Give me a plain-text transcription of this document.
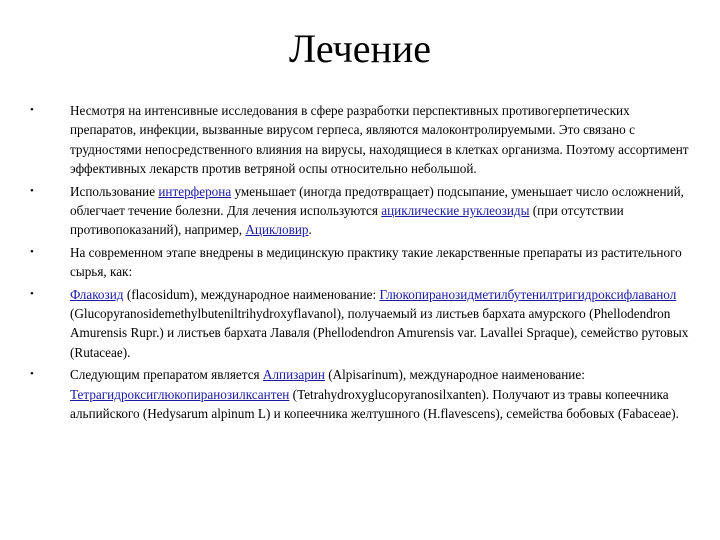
Лечение
•	Несмотря на интенсивные исследования в сфере разработки перспективных противогерпетических препаратов, инфекции, вызванные вирусом герпеса, являются малоконтролируемыми. Это связано с трудностями непосредственного влияния на вирусы, находящиеся в клетках организма. Поэтому ассортимент эффективных лекарств против ветряной оспы относительно небольшой.
•	Использование интерферона уменьшает (иногда предотвращает) подсыпание, уменьшает число осложнений, облегчает течение болезни. Для лечения используются ациклические нуклеозиды (при отсутствии противопоказаний), например, Ацикловир.
•	На современном этапе внедрены в медицинскую практику такие лекарственные препараты из растительного сырья, как:
•	Флакозид (flacosidum), международное наименование: Глюкопиранозидметилбутенилтригидроксифлаванол (Glucopyranosidemethylbuteniltrihydroxyflavanol), получаемый из листьев бархата амурского (Phellodendron Amurensis Rupr.) и листьев бархата Лаваля (Phellodendron Amurensis var. Lavallei Spraque), семейство рутовых (Rutaceae).
•	Следующим препаратом является Алпизарин (Alpisarinum), международное наименование: Тетрагидроксиглюкопиранозилксантен (Tetrahydroxyglucopyranosilxanten). Получают из травы копеечника альпийского (Hedysarum alpinum L) и копеечника желтушного (H.flavescens), семейства бобовых (Fabaceae).
